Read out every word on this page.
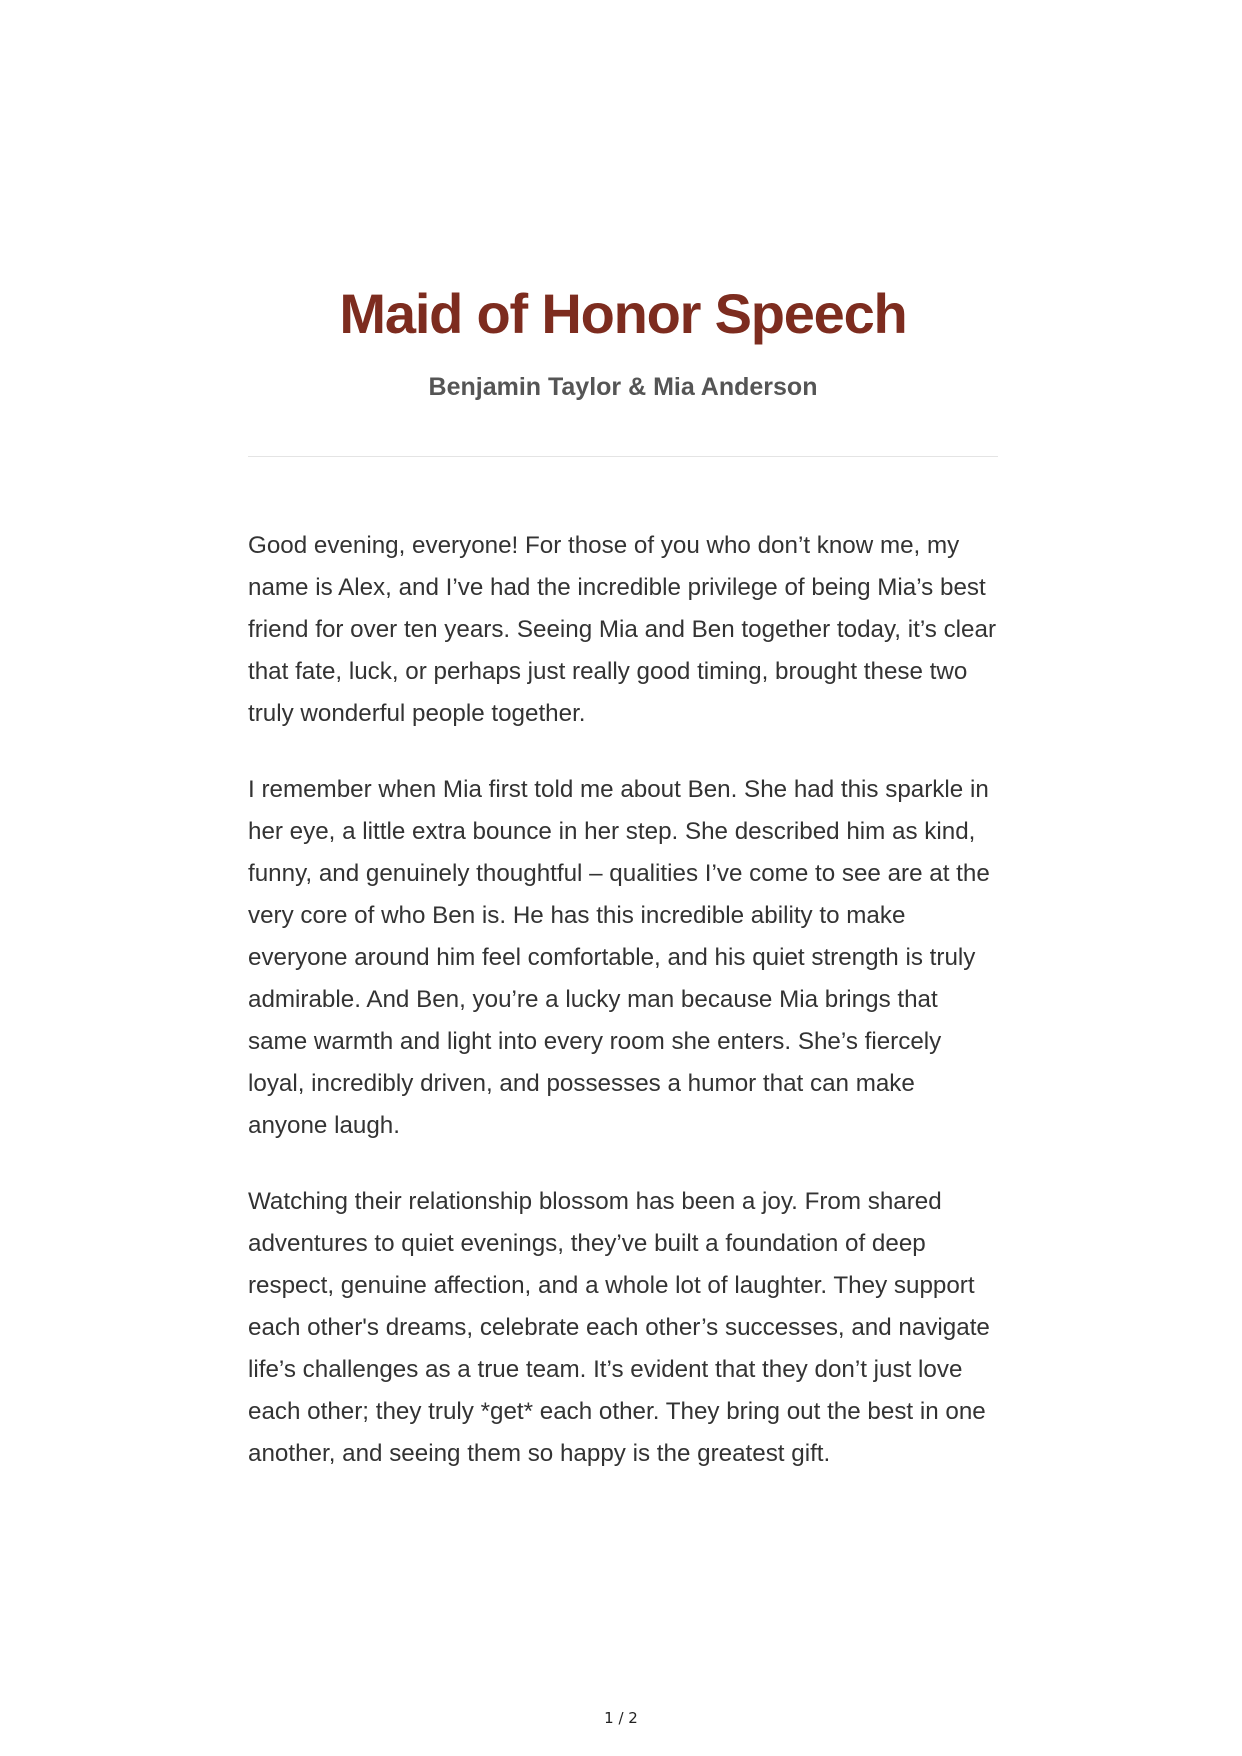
Maid of Honor Speech
Benjamin Taylor & Mia Anderson

Good evening, everyone! For those of you who don’t know me, my name is Alex, and I’ve had the incredible privilege of being Mia’s best friend for over ten years. Seeing Mia and Ben together today, it’s clear that fate, luck, or perhaps just really good timing, brought these two truly wonderful people together.

I remember when Mia first told me about Ben. She had this sparkle in her eye, a little extra bounce in her step. She described him as kind, funny, and genuinely thoughtful – qualities I’ve come to see are at the very core of who Ben is. He has this incredible ability to make everyone around him feel comfortable, and his quiet strength is truly admirable. And Ben, you’re a lucky man because Mia brings that same warmth and light into every room she enters. She’s fiercely loyal, incredibly driven, and possesses a humor that can make anyone laugh.

Watching their relationship blossom has been a joy. From shared adventures to quiet evenings, they’ve built a foundation of deep respect, genuine affection, and a whole lot of laughter. They support each other's dreams, celebrate each other’s successes, and navigate life’s challenges as a true team. It’s evident that they don’t just love each other; they truly *get* each other. They bring out the best in one another, and seeing them so happy is the greatest gift.

1 / 2
